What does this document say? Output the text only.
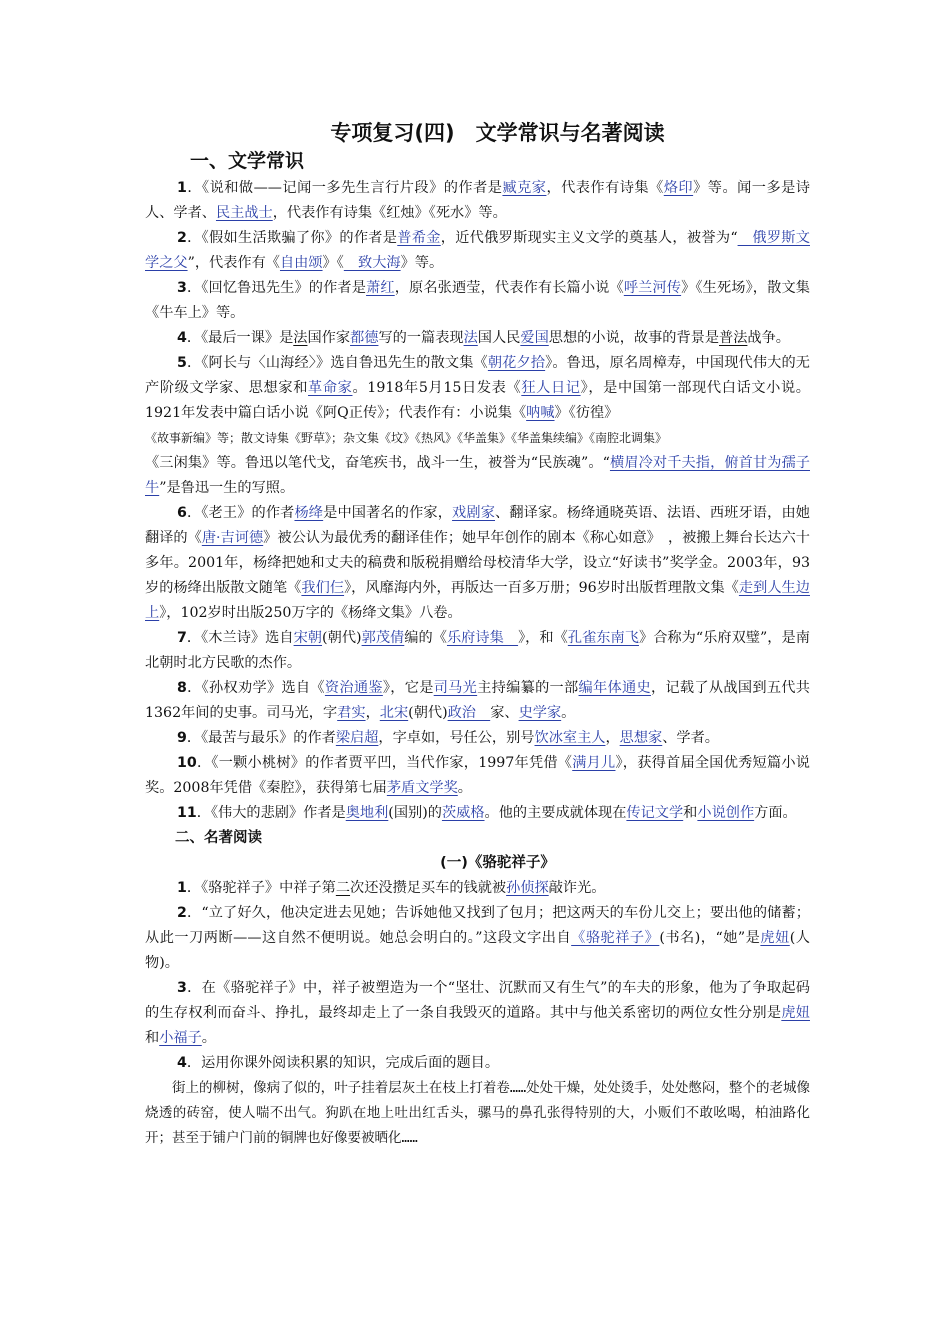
专项复习(四)　文学常识与名著阅读
一、文学常识

1．《说和做——记闻一多先生言行片段》的作者是臧克家，代表作有诗集《烙印》等。闻一多是诗人、学者、民主战士，代表作有诗集《红烛》《死水》等。

2．《假如生活欺骗了你》的作者是普希金，近代俄罗斯现实主义文学的奠基人，被誉为“　俄罗斯文学之父”，代表作有《自由颂》《　致大海》等。

3．《回忆鲁迅先生》的作者是萧红，原名张迺莹，代表作有长篇小说《呼兰河传》《生死场》，散文集《牛车上》等。

4．《最后一课》是法国作家都德写的一篇表现法国人民爱国思想的小说，故事的背景是普法战争。

5．《阿长与〈山海经〉》选自鲁迅先生的散文集《朝花夕拾》。鲁迅，原名周樟寿，中国现代伟大的无产阶级文学家、思想家和革命家。1918年5月15日发表《狂人日记》，是中国第一部现代白话文小说。1921年发表中篇白话小说《阿Q正传》；代表作有：小说集《呐喊》《彷徨》

《故事新编》等；散文诗集《野草》；杂文集《坟》《热风》《华盖集》《华盖集续编》《南腔北调集》

《三闲集》等。鲁迅以笔代戈，奋笔疾书，战斗一生，被誉为“民族魂”。“横眉冷对千夫指，俯首甘为孺子牛”是鲁迅一生的写照。

6．《老王》的作者杨绛是中国著名的作家，戏剧家、翻译家。杨绛通晓英语、法语、西班牙语，由她翻译的《唐·吉诃德》被公认为最优秀的翻译佳作；她早年创作的剧本《称心如意》　，被搬上舞台长达六十多年。2001年，杨绛把她和丈夫的稿费和版税捐赠给母校清华大学，设立“好读书”奖学金。2003年，93岁的杨绛出版散文随笔《我们仨》，风靡海内外，再版达一百多万册；96岁时出版哲理散文集《走到人生边上》，102岁时出版250万字的《杨绛文集》八卷。

7．《木兰诗》选自宋朝(朝代)郭茂倩编的《乐府诗集　》，和《孔雀东南飞》合称为“乐府双璧”，是南北朝时北方民歌的杰作。

8．《孙权劝学》选自《资治通鉴》，它是司马光主持编纂的一部编年体通史，记载了从战国到五代共1362年间的史事。司马光，字君实，北宋(朝代)政治　家、史学家。

9．《最苦与最乐》的作者梁启超，字卓如，号任公，别号饮冰室主人，思想家、学者。

10．《一颗小桃树》的作者贾平凹，当代作家，1997年凭借《满月儿》，获得首届全国优秀短篇小说奖。2008年凭借《秦腔》，获得第七届茅盾文学奖。

11．《伟大的悲剧》作者是奥地利(国别)的茨威格。他的主要成就体现在传记文学和小说创作方面。

二、名著阅读
(一)《骆驼祥子》

1．《骆驼祥子》中祥子第二次还没攒足买车的钱就被孙侦探敲诈光。

2．“立了好久，他决定进去见她；告诉她他又找到了包月；把这两天的车份儿交上；要出他的储蓄；从此一刀两断——这自然不便明说。她总会明白的。”这段文字出自《骆驼祥子》(书名)，“她”是虎妞(人物)。

3．在《骆驼祥子》中，祥子被塑造为一个“坚壮、沉默而又有生气”的车夫的形象，他为了争取起码的生存权利而奋斗、挣扎，最终却走上了一条自我毁灭的道路。其中与他关系密切的两位女性分别是虎妞和小福子。

4．运用你课外阅读积累的知识，完成后面的题目。

街上的柳树，像病了似的，叶子挂着层灰土在枝上打着卷……处处干燥，处处烫手，处处憋闷，整个的老城像烧透的砖窑，使人喘不出气。狗趴在地上吐出红舌头，骡马的鼻孔张得特别的大，小贩们不敢吆喝，柏油路化开；甚至于铺户门前的铜牌也好像要被晒化……
